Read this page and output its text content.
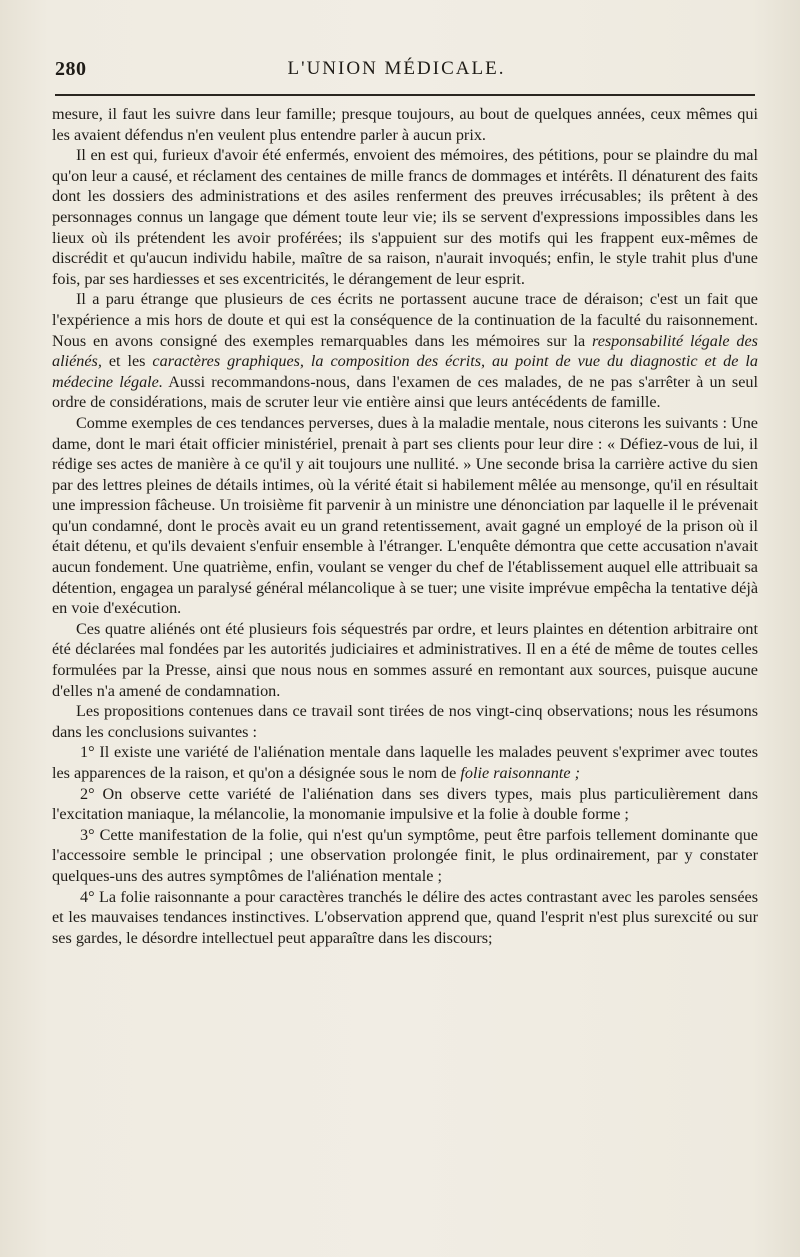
280	L'UNION MÉDICALE.

mesure, il faut les suivre dans leur famille; presque toujours, au bout de quelques années, ceux mêmes qui les avaient défendus n'en veulent plus entendre parler à aucun prix.

Il en est qui, furieux d'avoir été enfermés, envoient des mémoires, des pétitions, pour se plaindre du mal qu'on leur a causé, et réclament des centaines de mille francs de dommages et intérêts. Il dénaturent des faits dont les dossiers des administrations et des asiles renferment des preuves irrécusables; ils prêtent à des personnages connus un langage que dément toute leur vie; ils se servent d'expressions impossibles dans les lieux où ils prétendent les avoir proférées; ils s'appuient sur des motifs qui les frappent eux-mêmes de discrédit et qu'aucun individu habile, maître de sa raison, n'aurait invoqués; enfin, le style trahit plus d'une fois, par ses hardiesses et ses excentricités, le dérangement de leur esprit.

Il a paru étrange que plusieurs de ces écrits ne portassent aucune trace de déraison; c'est un fait que l'expérience a mis hors de doute et qui est la conséquence de la continuation de la faculté du raisonnement. Nous en avons consigné des exemples remarquables dans les mémoires sur la responsabilité légale des aliénés, et les caractères graphiques, la composition des écrits, au point de vue du diagnostic et de la médecine légale. Aussi recommandons-nous, dans l'examen de ces malades, de ne pas s'arrêter à un seul ordre de considérations, mais de scruter leur vie entière ainsi que leurs antécédents de famille.

Comme exemples de ces tendances perverses, dues à la maladie mentale, nous citerons les suivants : Une dame, dont le mari était officier ministériel, prenait à part ses clients pour leur dire : « Défiez-vous de lui, il rédige ses actes de manière à ce qu'il y ait toujours une nullité. » Une seconde brisa la carrière active du sien par des lettres pleines de détails intimes, où la vérité était si habilement mêlée au mensonge, qu'il en résultait une impression fâcheuse. Un troisième fit parvenir à un ministre une dénonciation par laquelle il le prévenait qu'un condamné, dont le procès avait eu un grand retentissement, avait gagné un employé de la prison où il était détenu, et qu'ils devaient s'enfuir ensemble à l'étranger. L'enquête démontra que cette accusation n'avait aucun fondement. Une quatrième, enfin, voulant se venger du chef de l'établissement auquel elle attribuait sa détention, engagea un paralysé général mélancolique à se tuer; une visite imprévue empêcha la tentative déjà en voie d'exécution.

Ces quatre aliénés ont été plusieurs fois séquestrés par ordre, et leurs plaintes en détention arbitraire ont été déclarées mal fondées par les autorités judiciaires et administratives. Il en a été de même de toutes celles formulées par la Presse, ainsi que nous nous en sommes assuré en remontant aux sources, puisque aucune d'elles n'a amené de condamnation.

Les propositions contenues dans ce travail sont tirées de nos vingt-cinq observations; nous les résumons dans les conclusions suivantes :

1° Il existe une variété de l'aliénation mentale dans laquelle les malades peuvent s'exprimer avec toutes les apparences de la raison, et qu'on a désignée sous le nom de folie raisonnante ;

2° On observe cette variété de l'aliénation dans ses divers types, mais plus particulièrement dans l'excitation maniaque, la mélancolie, la monomanie impulsive et la folie à double forme ;

3° Cette manifestation de la folie, qui n'est qu'un symptôme, peut être parfois tellement dominante que l'accessoire semble le principal ; une observation prolongée finit, le plus ordinairement, par y constater quelques-uns des autres symptômes de l'aliénation mentale ;

4° La folie raisonnante a pour caractères tranchés le délire des actes contrastant avec les paroles sensées et les mauvaises tendances instinctives. L'observation apprend que, quand l'esprit n'est plus surexcité ou sur ses gardes, le désordre intellectuel peut apparaître dans les discours;
